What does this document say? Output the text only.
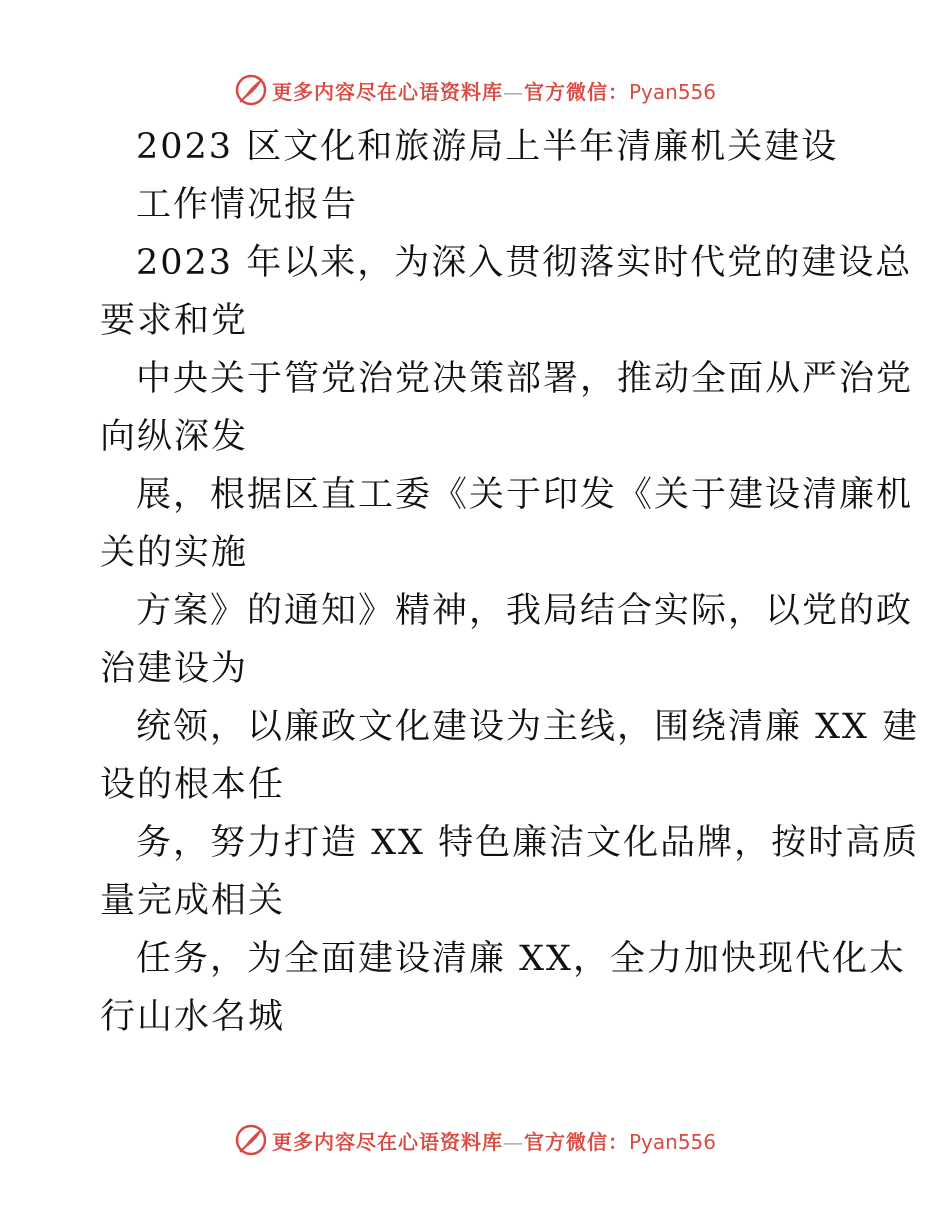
更多内容尽在心语资料库—官方微信：Pyan556
2023 区文化和旅游局上半年清廉机关建设
工作情况报告
2023 年以来，为深入贯彻落实时代党的建设总
要求和党
中央关于管党治党决策部署，推动全面从严治党
向纵深发
展，根据区直工委《关于印发《关于建设清廉机
关的实施
方案》的通知》精神，我局结合实际，以党的政
治建设为
统领，以廉政文化建设为主线，围绕清廉 XX 建
设的根本任
务，努力打造 XX 特色廉洁文化品牌，按时高质
量完成相关
任务，为全面建设清廉 XX，全力加快现代化太
行山水名城
更多内容尽在心语资料库—官方微信：Pyan556
